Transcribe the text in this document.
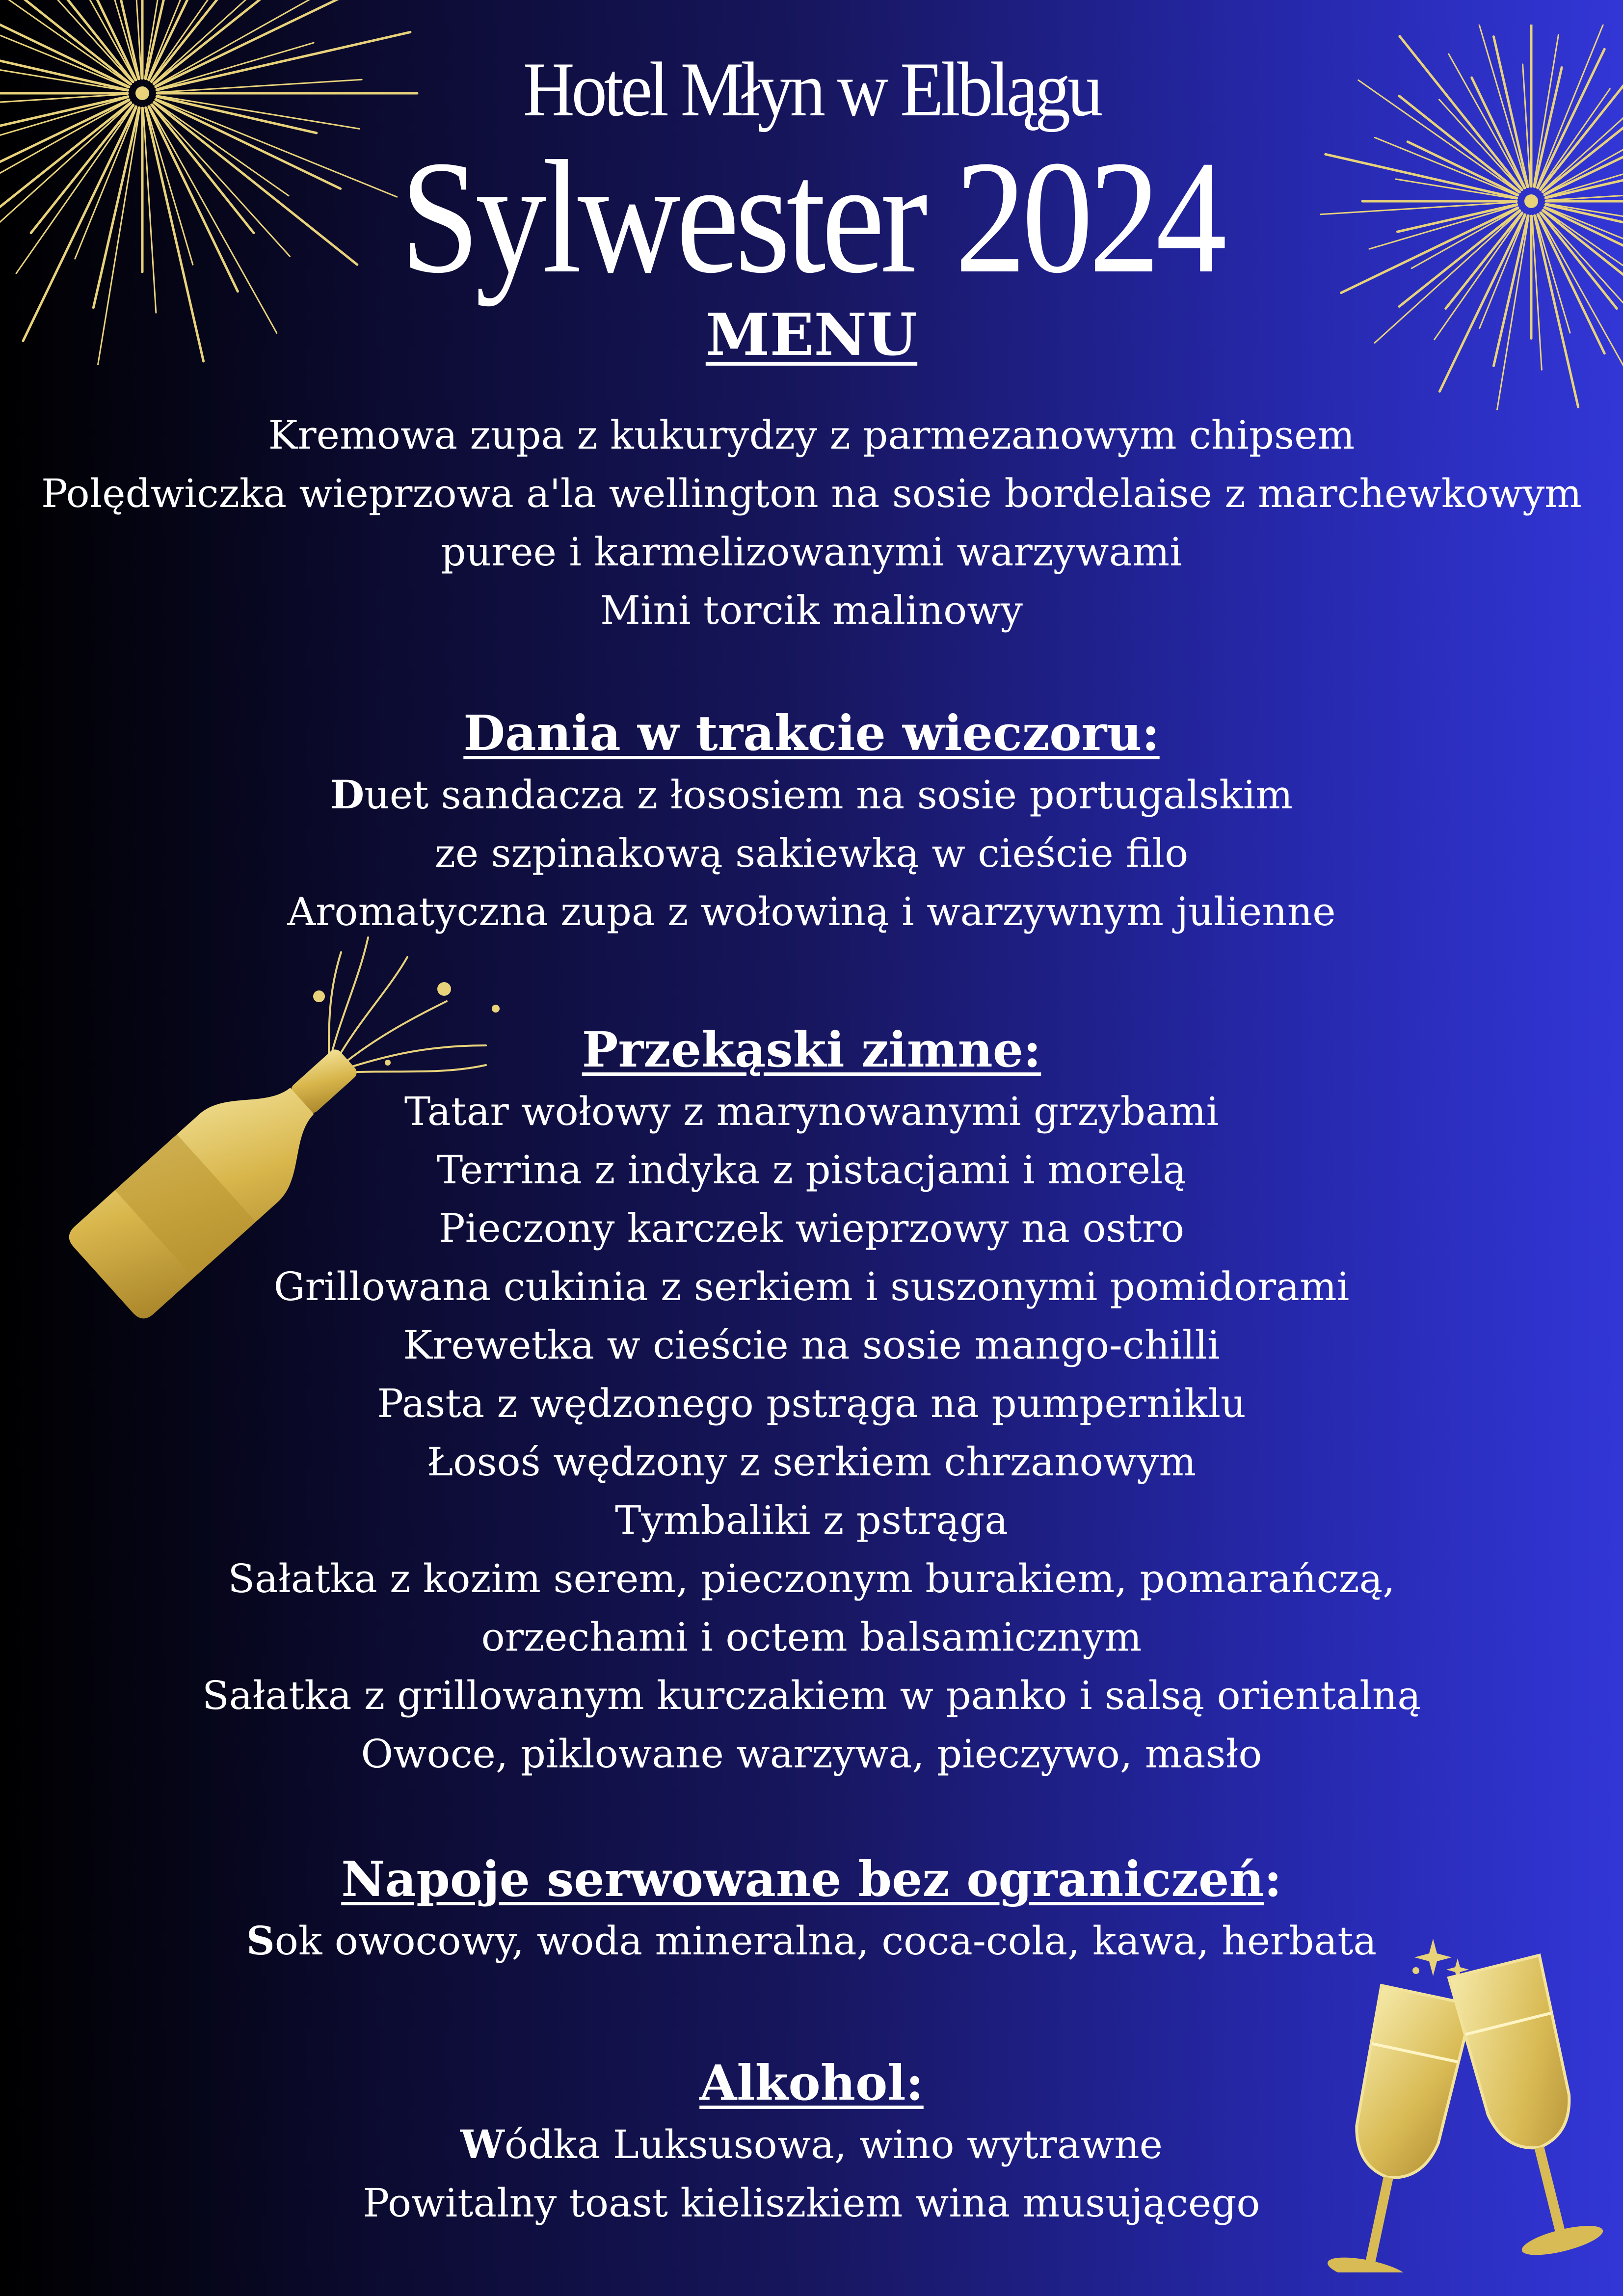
Hotel Młyn w Elblągu
Sylwester 2024
MENU
Kremowa zupa z kukurydzy z parmezanowym chipsem
Polędwiczka wieprzowa a'la wellington na sosie bordelaise z marchewkowym
puree i karmelizowanymi warzywami
Mini torcik malinowy
Dania w trakcie wieczoru:
Duet sandacza z łososiem na sosie portugalskim
ze szpinakową sakiewką w cieście filo
Aromatyczna zupa z wołowiną i warzywnym julienne
Przekąski zimne:
Tatar wołowy z marynowanymi grzybami
Terrina z indyka z pistacjami i morelą
Pieczony karczek wieprzowy na ostro
Grillowana cukinia z serkiem i suszonymi pomidorami
Krewetka w cieście na sosie mango-chilli
Pasta z wędzonego pstrąga na pumperniklu
Łosoś wędzony z serkiem chrzanowym
Tymbaliki z pstrąga
Sałatka z kozim serem, pieczonym burakiem, pomarańczą,
orzechami i octem balsamicznym
Sałatka z grillowanym kurczakiem w panko i salsą orientalną
Owoce, piklowane warzywa, pieczywo, masło
Napoje serwowane bez ograniczeń:
Sok owocowy, woda mineralna, coca-cola, kawa, herbata
Alkohol:
Wódka Luksusowa, wino wytrawne
Powitalny toast kieliszkiem wina musującego
